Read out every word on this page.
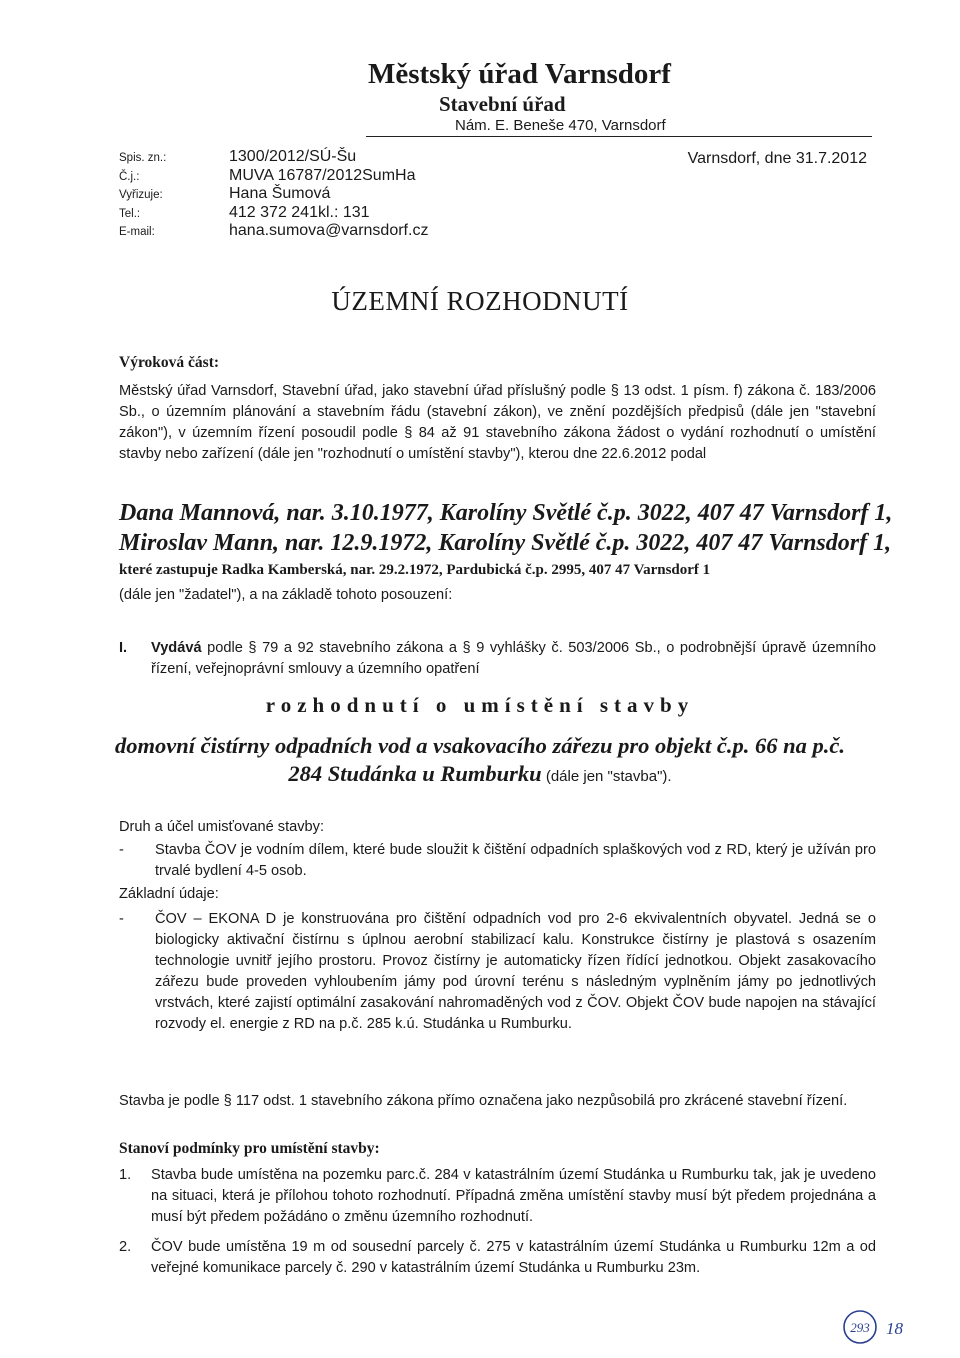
Městský úřad Varnsdorf
Stavební úřad
Nám. E. Beneše 470, Varnsdorf
Spis. zn.:	1300/2012/SÚ-Šu
Č.j.:	MUVA 16787/2012SumHa
Vyřizuje:	Hana Šumová
Tel.:	412 372 241kl.: 131
E-mail:	hana.sumova@varnsdorf.cz
Varnsdorf, dne 31.7.2012
ÚZEMNÍ ROZHODNUTÍ
Výroková část:
Městský úřad Varnsdorf, Stavební úřad, jako stavební úřad příslušný podle § 13 odst. 1 písm. f) zákona č. 183/2006 Sb., o územním plánování a stavebním řádu (stavební zákon), ve znění pozdějších předpisů (dále jen "stavební zákon"), v územním řízení posoudil podle § 84 až 91 stavebního zákona žádost o vydání rozhodnutí o umístění stavby nebo zařízení (dále jen "rozhodnutí o umístění stavby"), kterou dne 22.6.2012 podal
Dana Mannová, nar. 3.10.1977, Karolíny Světlé č.p. 3022, 407 47 Varnsdorf 1,
Miroslav Mann, nar. 12.9.1972, Karolíny Světlé č.p. 3022, 407 47 Varnsdorf 1,
které zastupuje Radka Kamberská, nar. 29.2.1972, Pardubická č.p. 2995, 407 47 Varnsdorf 1
(dále jen "žadatel"), a na základě tohoto posouzení:
I. Vydává podle § 79 a 92 stavebního zákona a § 9 vyhlášky č. 503/2006 Sb., o podrobnější úpravě územního řízení, veřejnoprávní smlouvy a územního opatření
rozhodnutí o umístění stavby
domovní čistírny odpadních vod a vsakovacího zářezu pro objekt č.p. 66 na p.č.
284 Studánka u Rumburku (dále jen "stavba").
Druh a účel umisťované stavby:
- Stavba ČOV je vodním dílem, které bude sloužit k čištění odpadních splaškových vod z RD, který je užíván pro trvalé bydlení 4-5 osob.
Základní údaje:
- ČOV – EKONA D je konstruována pro čištění odpadních vod pro 2-6 ekvivalentních obyvatel. Jedná se o biologicky aktivační čistírnu s úplnou aerobní stabilizací kalu. Konstrukce čistírny je plastová s osazením technologie uvnitř jejího prostoru. Provoz čistírny je automaticky řízen řídící jednotkou. Objekt zasakovacího zářezu bude proveden vyhloubením jámy pod úrovní terénu s následným vyplněním jámy po jednotlivých vrstvách, které zajistí optimální zasakování nahromaděných vod z ČOV. Objekt ČOV bude napojen na stávající rozvody el. energie z RD na p.č. 285 k.ú. Studánka u Rumburku.
Stavba je podle § 117 odst. 1 stavebního zákona přímo označena jako nezpůsobilá pro zkrácené stavební řízení.
Stanoví podmínky pro umístění stavby:
1. Stavba bude umístěna na pozemku parc.č. 284 v katastrálním území Studánka u Rumburku tak, jak je uvedeno na situaci, která je přílohou tohoto rozhodnutí. Případná změna umístění stavby musí být předem projednána a musí být předem požádáno o změnu územního rozhodnutí.
2. ČOV bude umístěna 19 m od sousední parcely č. 275 v katastrálním území Studánka u Rumburku 12m a od veřejné komunikace parcely č. 290 v katastrálním území Studánka u Rumburku 23m.
293 18
